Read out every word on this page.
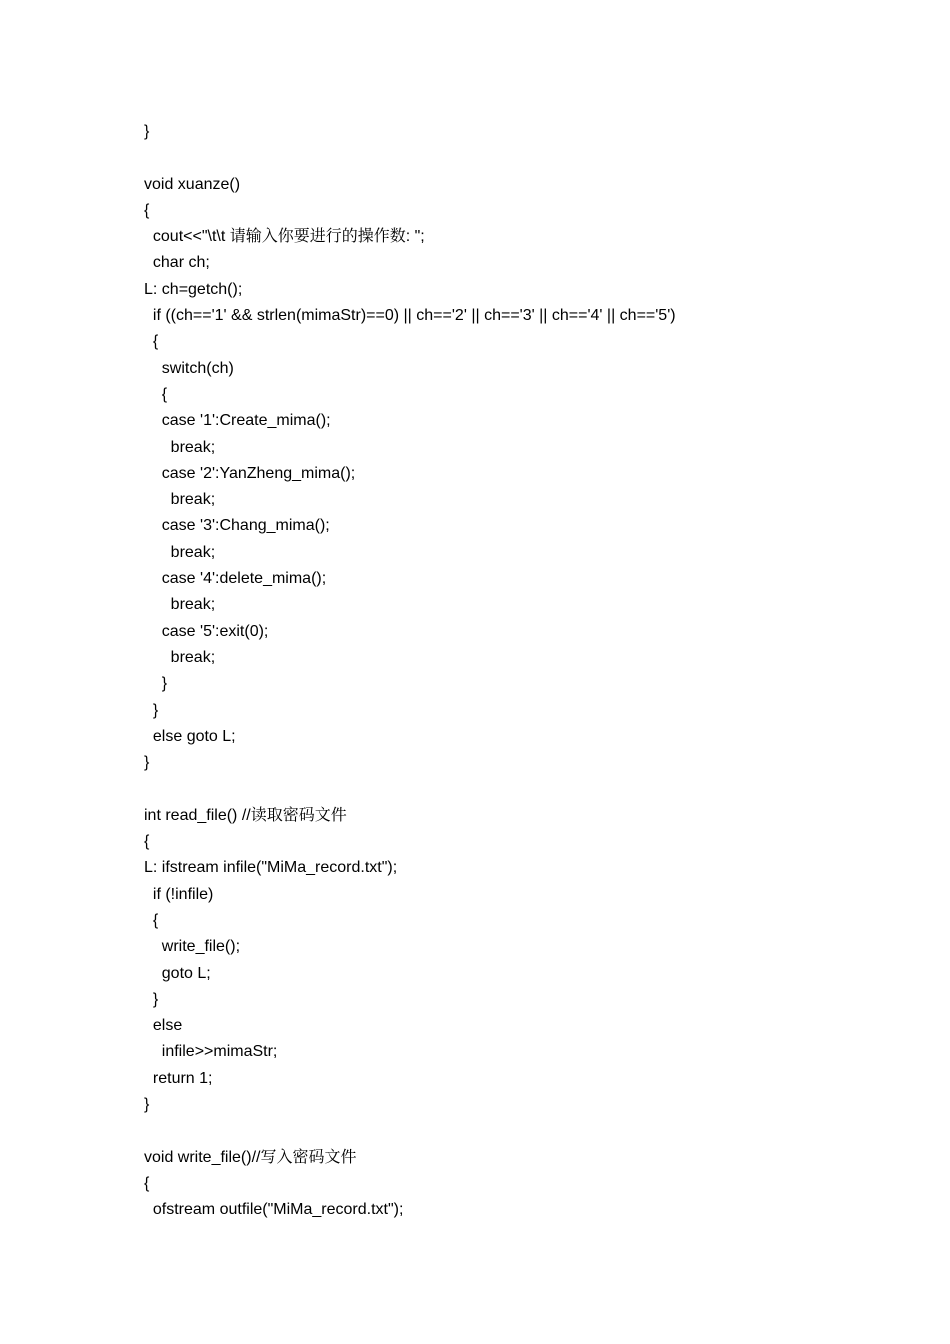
}
void xuanze()
{
cout<<"\t\t 请输入你要进行的操作数: ";
char ch;
L: ch=getch();
if ((ch=='1' && strlen(mimaStr)==0) || ch=='2' || ch=='3' || ch=='4' || ch=='5')
{
switch(ch)
{
case '1':Create_mima();
break;
case '2':YanZheng_mima();
break;
case '3':Chang_mima();
break;
case '4':delete_mima();
break;
case '5':exit(0);
break;
}
}
else goto L;
}
int read_file() //读取密码文件
{
L: ifstream infile("MiMa_record.txt");
if (!infile)
{
write_file();
goto L;
}
else
infile>>mimaStr;
return 1;
}
void write_file()//写入密码文件
{
ofstream outfile("MiMa_record.txt");
